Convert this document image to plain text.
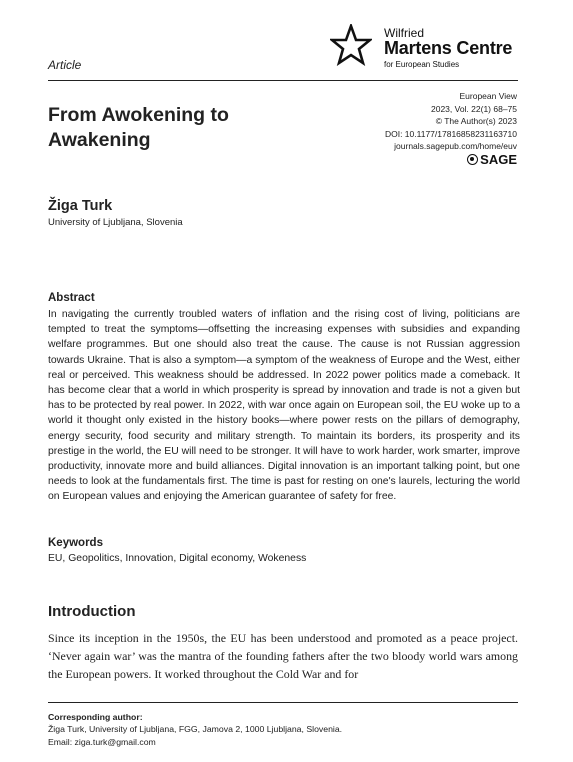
Wilfried
Martens Centre
for European Studies
Article
European View
2023, Vol. 22(1) 68–75
© The Author(s) 2023
DOI: 10.1177/17816858231163710
journals.sagepub.com/home/euv
SAGE
From Awokening to Awakening
Žiga Turk
University of Ljubljana, Slovenia
Abstract
In navigating the currently troubled waters of inflation and the rising cost of living, politicians are tempted to treat the symptoms—offsetting the increasing expenses with subsidies and expanding welfare programmes. But one should also treat the cause. The cause is not Russian aggression towards Ukraine. That is also a symptom—a symptom of the weakness of Europe and the West, either real or perceived. This weakness should be addressed. In 2022 power politics made a comeback. It has become clear that a world in which prosperity is spread by innovation and trade is not a given but has to be protected by real power. In 2022, with war once again on European soil, the EU woke up to a world it thought only existed in the history books—where power rests on the pillars of demography, energy security, food security and military strength. To maintain its borders, its prosperity and its prestige in the world, the EU will need to be stronger. It will have to work harder, work smarter, improve productivity, innovate more and build alliances. Digital innovation is an important talking point, but one needs to look at the fundamentals first. The time is past for resting on one's laurels, lecturing the world on European values and enjoying the American guarantee of safety for free.
Keywords
EU, Geopolitics, Innovation, Digital economy, Wokeness
Introduction
Since its inception in the 1950s, the EU has been understood and promoted as a peace project. ‘Never again war’ was the mantra of the founding fathers after the two bloody world wars among the European powers. It worked throughout the Cold War and for
Corresponding author:
Žiga Turk, University of Ljubljana, FGG, Jamova 2, 1000 Ljubljana, Slovenia.
Email: ziga.turk@gmail.com
